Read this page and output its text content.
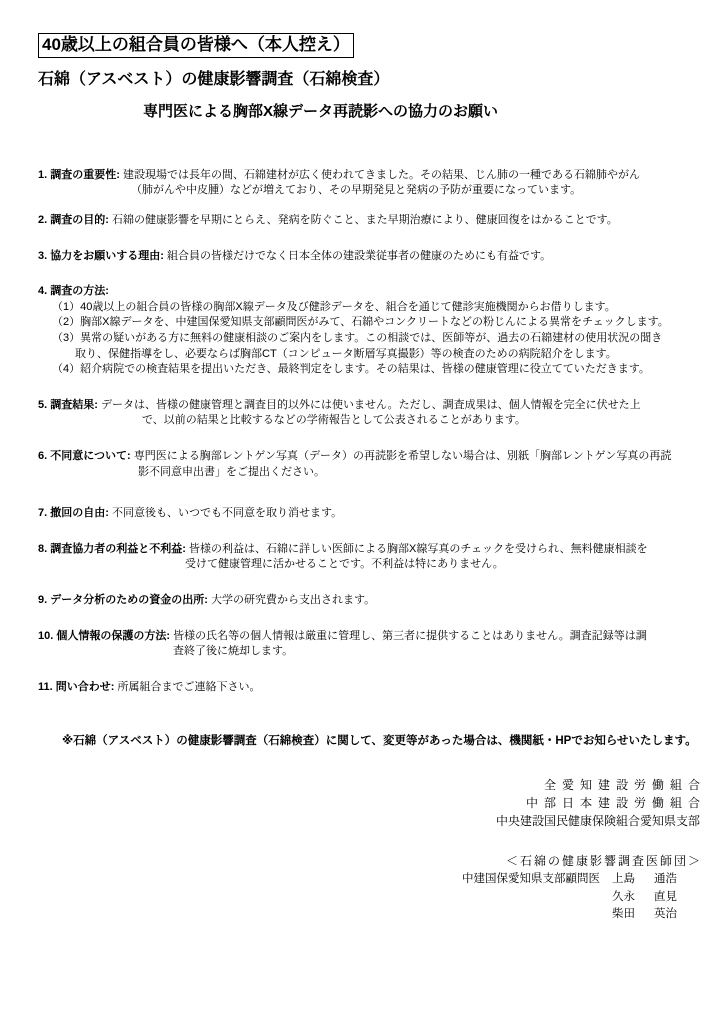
40歳以上の組合員の皆様へ（本人控え）
石綿（アスベスト）の健康影響調査（石綿検査）
専門医による胸部X線データ再読影への協力のお願い
1. 調査の重要性: 建設現場では長年の間、石綿建材が広く使われてきました。その結果、じん肺の一種である石綿肺やがん
（肺がんや中皮腫）などが増えており、その早期発見と発病の予防が重要になっています。
2. 調査の目的: 石綿の健康影響を早期にとらえ、発病を防ぐこと、また早期治療により、健康回復をはかることです。
3. 協力をお願いする理由: 組合員の皆様だけでなく日本全体の建設業従事者の健康のためにも有益です。
4. 調査の方法:
（1）40歳以上の組合員の皆様の胸部X線データ及び健診データを、組合を通じて健診実施機関からお借りします。
（2）胸部X線データを、中建国保愛知県支部顧問医がみて、石綿やコンクリートなどの粉じんによる異常をチェックします。
（3）異常の疑いがある方に無料の健康相談のご案内をします。この相談では、医師等が、過去の石綿建材の使用状況の聞き
取り、保健指導をし、必要ならば胸部CT（コンピュータ断層写真撮影）等の検査のための病院紹介をします。
（4）紹介病院での検査結果を提出いただき、最終判定をします。その結果は、皆様の健康管理に役立てていただきます。
5. 調査結果: データは、皆様の健康管理と調査目的以外には使いません。ただし、調査成果は、個人情報を完全に伏せた上
で、以前の結果と比較するなどの学術報告として公表されることがあります。
6. 不同意について: 専門医による胸部レントゲン写真（データ）の再読影を希望しない場合は、別紙「胸部レントゲン写真の再読
影不同意申出書」をご提出ください。
7. 撤回の自由: 不同意後も、いつでも不同意を取り消せます。
8. 調査協力者の利益と不利益: 皆様の利益は、石綿に詳しい医師による胸部X線写真のチェックを受けられ、無料健康相談を
受けて健康管理に活かせることです。不利益は特にありません。
9. データ分析のための資金の出所: 大学の研究費から支出されます。
10. 個人情報の保護の方法: 皆様の氏名等の個人情報は厳重に管理し、第三者に提供することはありません。調査記録等は調
査終了後に焼却します。
11. 問い合わせ: 所属組合までご連絡下さい。
※石綿（アスベスト）の健康影響調査（石綿検査）に関して、変更等があった場合は、機関紙・HPでお知らせいたします。
全愛知建設労働組合
中部日本建設労働組合
中央建設国民健康保険組合愛知県支部
＜石綿の健康影響調査医師団＞
中建国保愛知県支部顧問医 上島 通浩
久永 直見
柴田 英治
